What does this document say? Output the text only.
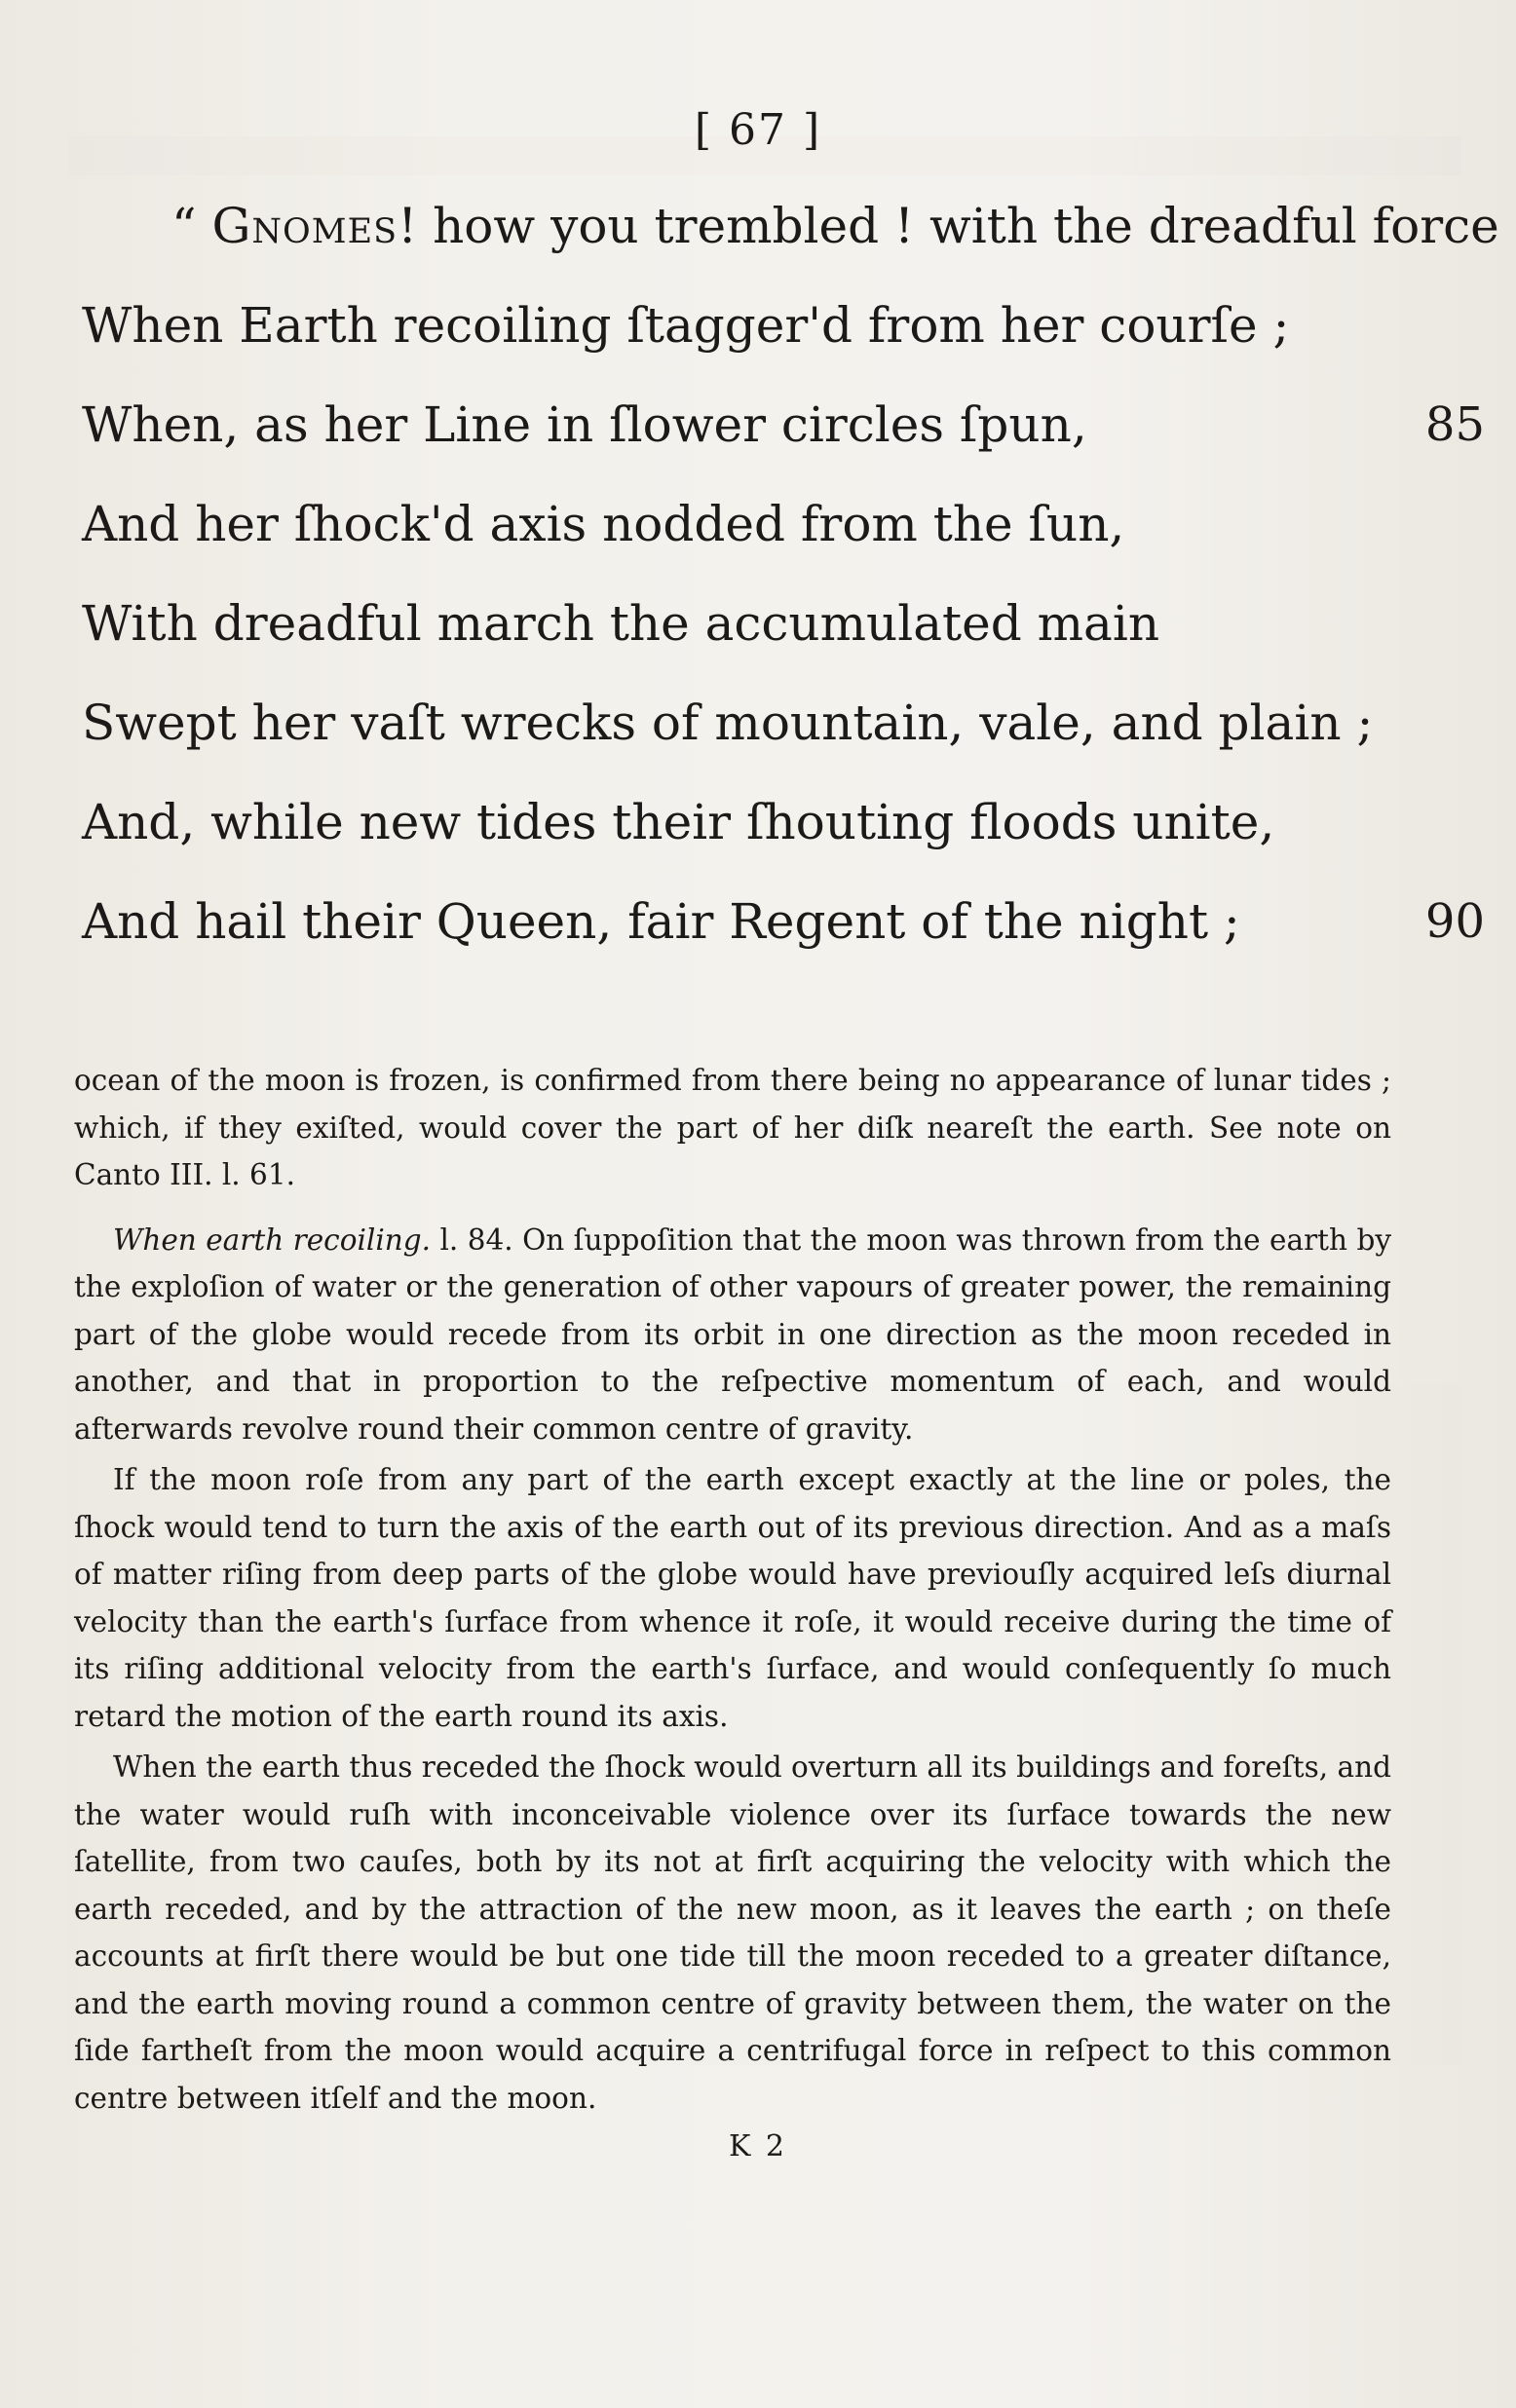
[ 67 ]
“ Gnomes! how you trembled ! with the dreadful force
When Earth recoiling ſtagger'd from her courſe ;
When, as her Line in ſlower circles ſpun,	85
And her ſhock'd axis nodded from the ſun,
With dreadful march the accumulated main
Swept her vaſt wrecks of mountain, vale, and plain ;
And, while new tides their ſhouting floods unite,
And hail their Queen, fair Regent of the night ;	90

ocean of the moon is frozen, is confirmed from there being no appearance of lunar tides ; which, if they exiſted, would cover the part of her diſk neareſt the earth. See note on Canto III. l. 61.

When earth recoiling. l. 84. On ſuppoſition that the moon was thrown from the earth by the exploſion of water or the generation of other vapours of greater power, the remaining part of the globe would recede from its orbit in one direction as the moon receded in another, and that in proportion to the reſpective momentum of each, and would afterwards revolve round their common centre of gravity.

If the moon roſe from any part of the earth except exactly at the line or poles, the ſhock would tend to turn the axis of the earth out of its previous direction. And as a maſs of matter riſing from deep parts of the globe would have previouſly acquired leſs diurnal velocity than the earth's ſurface from whence it roſe, it would receive during the time of its riſing additional velocity from the earth's ſurface, and would conſequently ſo much retard the motion of the earth round its axis.

When the earth thus receded the ſhock would overturn all its buildings and foreſts, and the water would ruſh with inconceivable violence over its ſurface towards the new ſatellite, from two cauſes, both by its not at firſt acquiring the velocity with which the earth receded, and by the attraction of the new moon, as it leaves the earth ; on theſe accounts at firſt there would be but one tide till the moon receded to a greater diſtance, and the earth moving round a common centre of gravity between them, the water on the ſide fartheſt from the moon would acquire a centrifugal force in reſpect to this common centre between itſelf and the moon.

K 2
